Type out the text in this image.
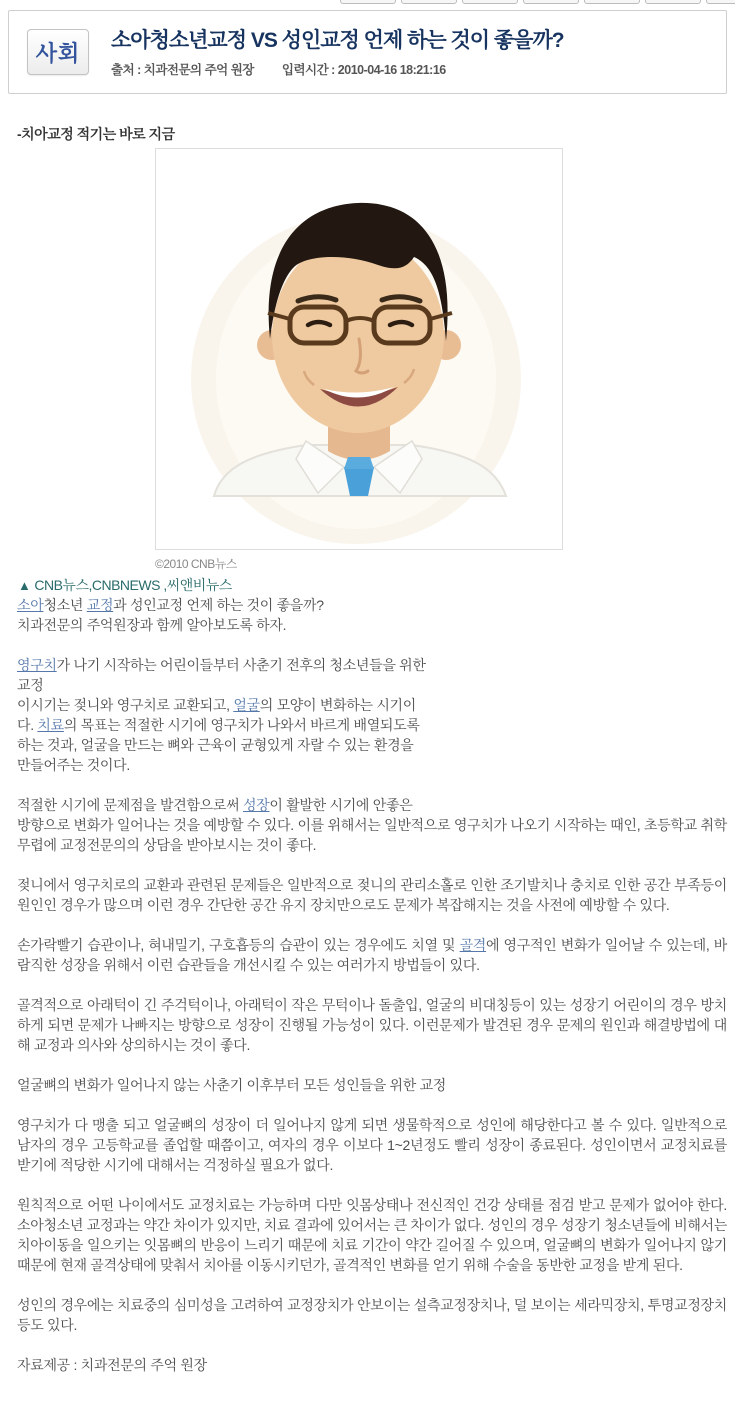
사회	소아청소년교정 VS 성인교정 언제 하는 것이 좋을까?
출처 : 치과전문의 주억 원장 입력시간 : 2010-04-16 18:21:16
-치아교정 적기는 바로 지금
©2010 CNB뉴스
▲ CNB뉴스,CNBNEWS ,씨앤비뉴스

소아청소년 교정과 성인교정 언제 하는 것이 좋을까?
치과전문의 주억원장과 함께 알아보도록 하자.

영구치가 나기 시작하는 어린이들부터 사춘기 전후의 청소년들을 위한
교정
이시기는 젖니와 영구치로 교환되고, 얼굴의 모양이 변화하는 시기이
다. 치료의 목표는 적절한 시기에 영구치가 나와서 바르게 배열되도록
하는 것과, 얼굴을 만드는 뼈와 근육이 균형있게 자랄 수 있는 환경을
만들어주는 것이다.

적절한 시기에 문제점을 발견함으로써 성장이 활발한 시기에 안좋은
방향으로 변화가 일어나는 것을 예방할 수 있다. 이를 위해서는 일반적으로 영구치가 나오기 시작하는 때인, 초등학교 취학 무렵에 교정전문의의 상담을 받아보시는 것이 좋다.

젖니에서 영구치로의 교환과 관련된 문제들은 일반적으로 젖니의 관리소홀로 인한 조기발치나 충치로 인한 공간 부족등이 원인인 경우가 많으며 이런 경우 간단한 공간 유지 장치만으로도 문제가 복잡해지는 것을 사전에 예방할 수 있다.

손가락빨기 습관이나, 혀내밀기, 구호흡등의 습관이 있는 경우에도 치열 및 골격에 영구적인 변화가 일어날 수 있는데, 바람직한 성장을 위해서 이런 습관들을 개선시킬 수 있는 여러가지 방법들이 있다.

골격적으로 아래턱이 긴 주걱턱이나, 아래턱이 작은 무턱이나 돌출입, 얼굴의 비대칭등이 있는 성장기 어린이의 경우 방치하게 되면 문제가 나빠지는 방향으로 성장이 진행될 가능성이 있다. 이런문제가 발견된 경우 문제의 원인과 해결방법에 대해 교정과 의사와 상의하시는 것이 좋다.

얼굴뼈의 변화가 일어나지 않는 사춘기 이후부터 모든 성인들을 위한 교정

영구치가 다 맹출 되고 얼굴뼈의 성장이 더 일어나지 않게 되면 생물학적으로 성인에 해당한다고 볼 수 있다. 일반적으로 남자의 경우 고등학교를 졸업할 때쯤이고, 여자의 경우 이보다 1~2년정도 빨리 성장이 종료된다. 성인이면서 교정치료를 받기에 적당한 시기에 대해서는 걱정하실 필요가 없다.

원칙적으로 어떤 나이에서도 교정치료는 가능하며 다만 잇몸상태나 전신적인 건강 상태를 점검 받고 문제가 없어야 한다. 소아청소년 교정과는 약간 차이가 있지만, 치료 결과에 있어서는 큰 차이가 없다. 성인의 경우 성장기 청소년들에 비해서는 치아이동을 일으키는 잇몸뼈의 반응이 느리기 때문에 치료 기간이 약간 길어질 수 있으며, 얼굴뼈의 변화가 일어나지 않기 때문에 현재 골격상태에 맞춰서 치아를 이동시키던가, 골격적인 변화를 얻기 위해 수술을 동반한 교정을 받게 된다.

성인의 경우에는 치료중의 심미성을 고려하여 교정장치가 안보이는 설측교정장치나, 덜 보이는 세라믹장치, 투명교정장치 등도 있다.

자료제공 : 치과전문의 주억 원장
